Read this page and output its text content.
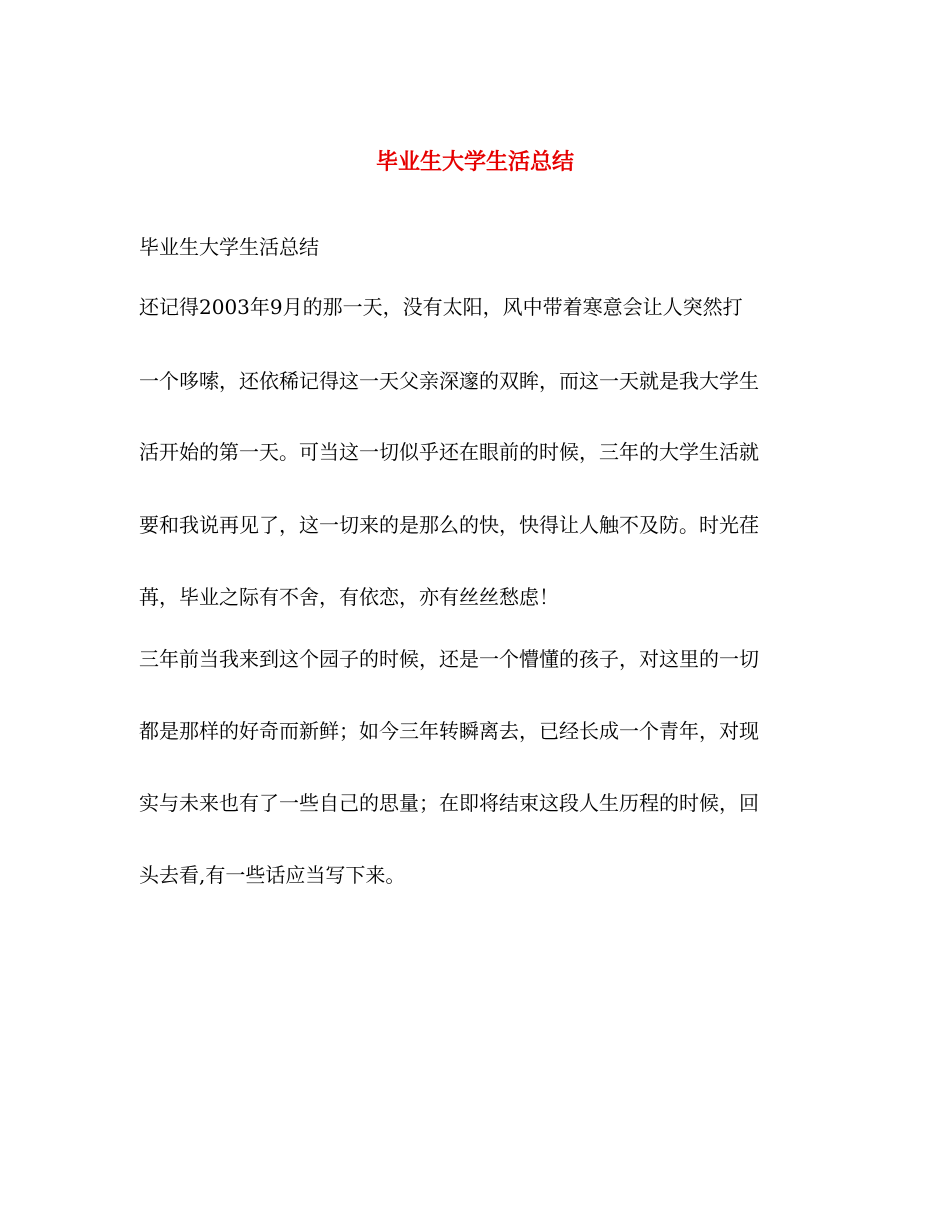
毕业生大学生活总结

毕业生大学生活总结

还记得2003年9月的那一天，没有太阳，风中带着寒意会让人突然打

一个哆嗦，还依稀记得这一天父亲深邃的双眸，而这一天就是我大学生

活开始的第一天。可当这一切似乎还在眼前的时候，三年的大学生活就

要和我说再见了，这一切来的是那么的快，快得让人触不及防。时光荏

苒，毕业之际有不舍，有依恋，亦有丝丝愁虑！

三年前当我来到这个园子的时候，还是一个懵懂的孩子，对这里的一切

都是那样的好奇而新鲜；如今三年转瞬离去，已经长成一个青年，对现

实与未来也有了一些自己的思量；在即将结束这段人生历程的时候，回

头去看,有一些话应当写下来。
